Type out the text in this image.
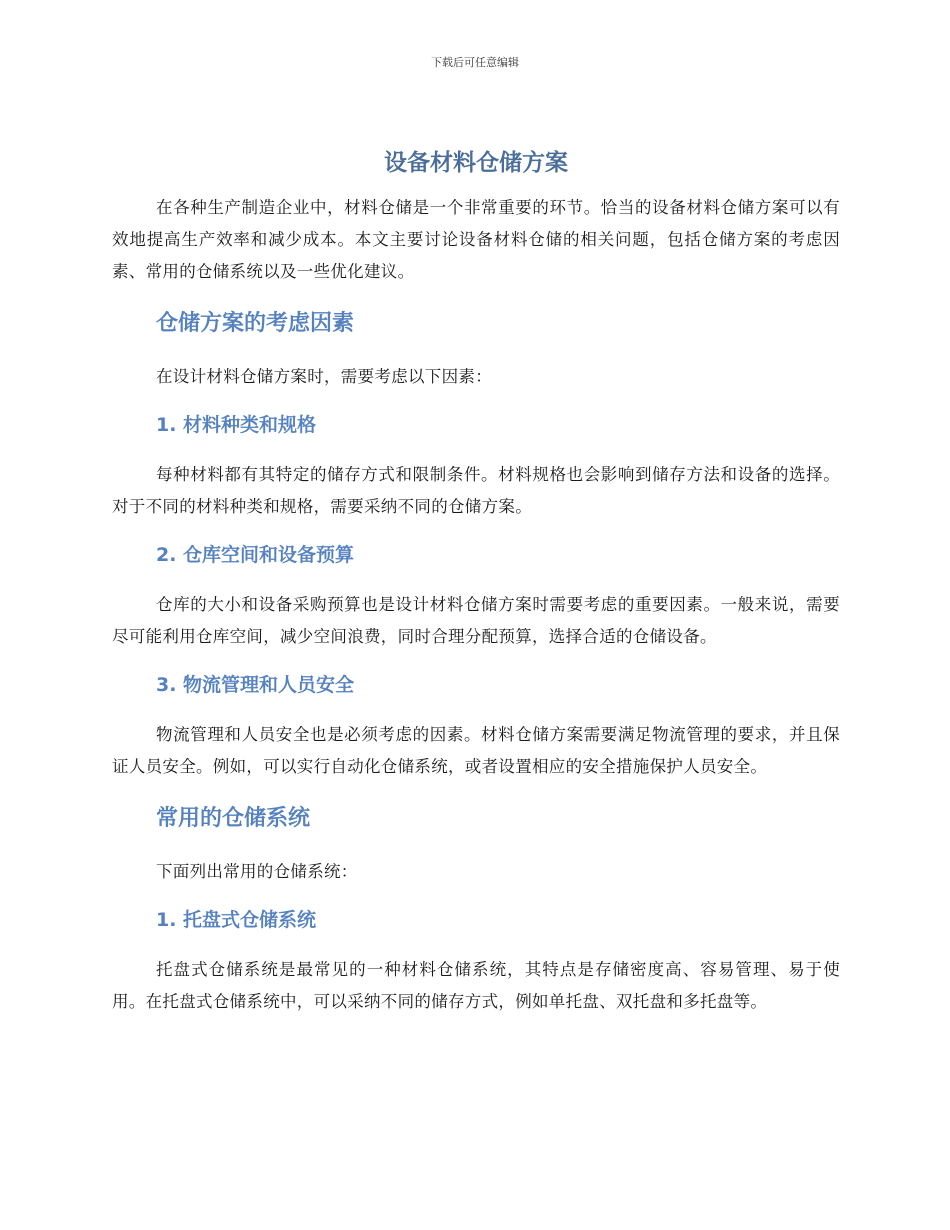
下载后可任意编辑
设备材料仓储方案

在各种生产制造企业中，材料仓储是一个非常重要的环节。恰当的设备材料仓储方案可以有效地提高生产效率和减少成本。本文主要讨论设备材料仓储的相关问题，包括仓储方案的考虑因素、常用的仓储系统以及一些优化建议。

仓储方案的考虑因素

在设计材料仓储方案时，需要考虑以下因素：

1. 材料种类和规格

每种材料都有其特定的储存方式和限制条件。材料规格也会影响到储存方法和设备的选择。对于不同的材料种类和规格，需要采纳不同的仓储方案。

2. 仓库空间和设备预算

仓库的大小和设备采购预算也是设计材料仓储方案时需要考虑的重要因素。一般来说，需要尽可能利用仓库空间，减少空间浪费，同时合理分配预算，选择合适的仓储设备。

3. 物流管理和人员安全

物流管理和人员安全也是必须考虑的因素。材料仓储方案需要满足物流管理的要求，并且保证人员安全。例如，可以实行自动化仓储系统，或者设置相应的安全措施保护人员安全。

常用的仓储系统

下面列出常用的仓储系统：

1. 托盘式仓储系统

托盘式仓储系统是最常见的一种材料仓储系统，其特点是存储密度高、容易管理、易于使用。在托盘式仓储系统中，可以采纳不同的储存方式，例如单托盘、双托盘和多托盘等。
